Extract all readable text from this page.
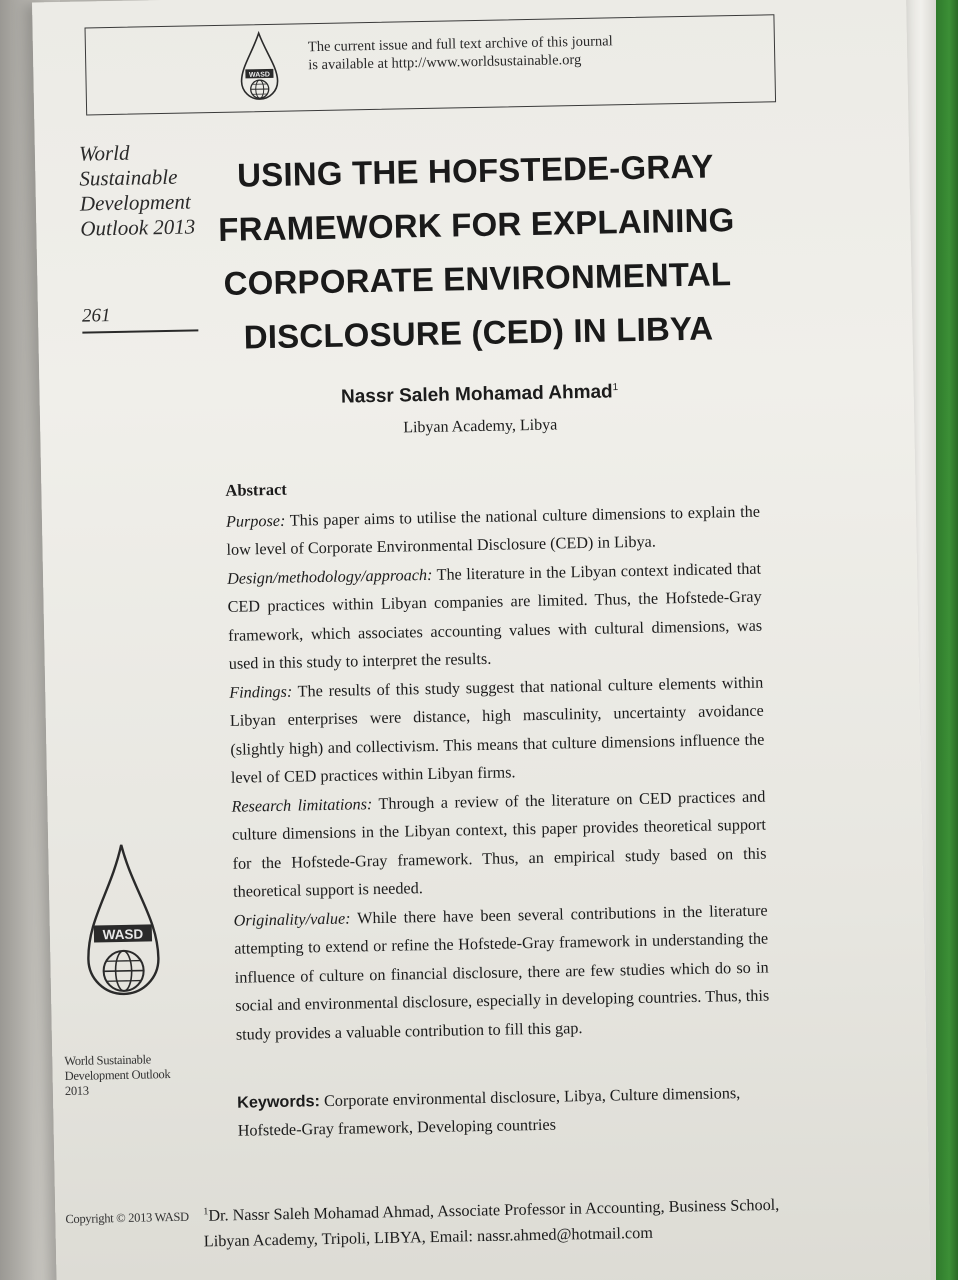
WASD
The current issue and full text archive of this journal
is available at http://www.worldsustainable.org
World
Sustainable
Development
Outlook 2013
261
USING THE HOFSTEDE-GRAY
FRAMEWORK FOR EXPLAINING
CORPORATE ENVIRONMENTAL
DISCLOSURE (CED) IN LIBYA
Nassr Saleh Mohamad Ahmad$^1$
Libyan Academy, Libya
Abstract

Purpose: This paper aims to utilise the national culture dimensions to explain the low level of Corporate Environmental Disclosure (CED) in Libya.

Design/methodology/approach: The literature in the Libyan context indicated that CED practices within Libyan companies are limited. Thus, the Hofstede-Gray framework, which associates accounting values with cultural dimensions, was used in this study to interpret the results.

Findings: The results of this study suggest that national culture elements within Libyan enterprises were distance, high masculinity, uncertainty avoidance (slightly high) and collectivism. This means that culture dimensions influence the level of CED practices within Libyan firms.

Research limitations: Through a review of the literature on CED practices and culture dimensions in the Libyan context, this paper provides theoretical support for the Hofstede-Gray framework. Thus, an empirical study based on this theoretical support is needed.

Originality/value: While there have been several contributions in the literature attempting to extend or refine the Hofstede-Gray framework in understanding the influence of culture on financial disclosure, there are few studies which do so in social and environmental disclosure, especially in developing countries. Thus, this study provides a valuable contribution to fill this gap.

WASD
World Sustainable
Development Outlook
2013
Keywords: Corporate environmental disclosure, Libya, Culture dimensions, Hofstede-Gray framework, Developing countries
Copyright © 2013 WASD	$^1$Dr. Nassr Saleh Mohamad Ahmad, Associate Professor in Accounting, Business School, Libyan Academy, Tripoli, LIBYA, Email: nassr.ahmed@hotmail.com
